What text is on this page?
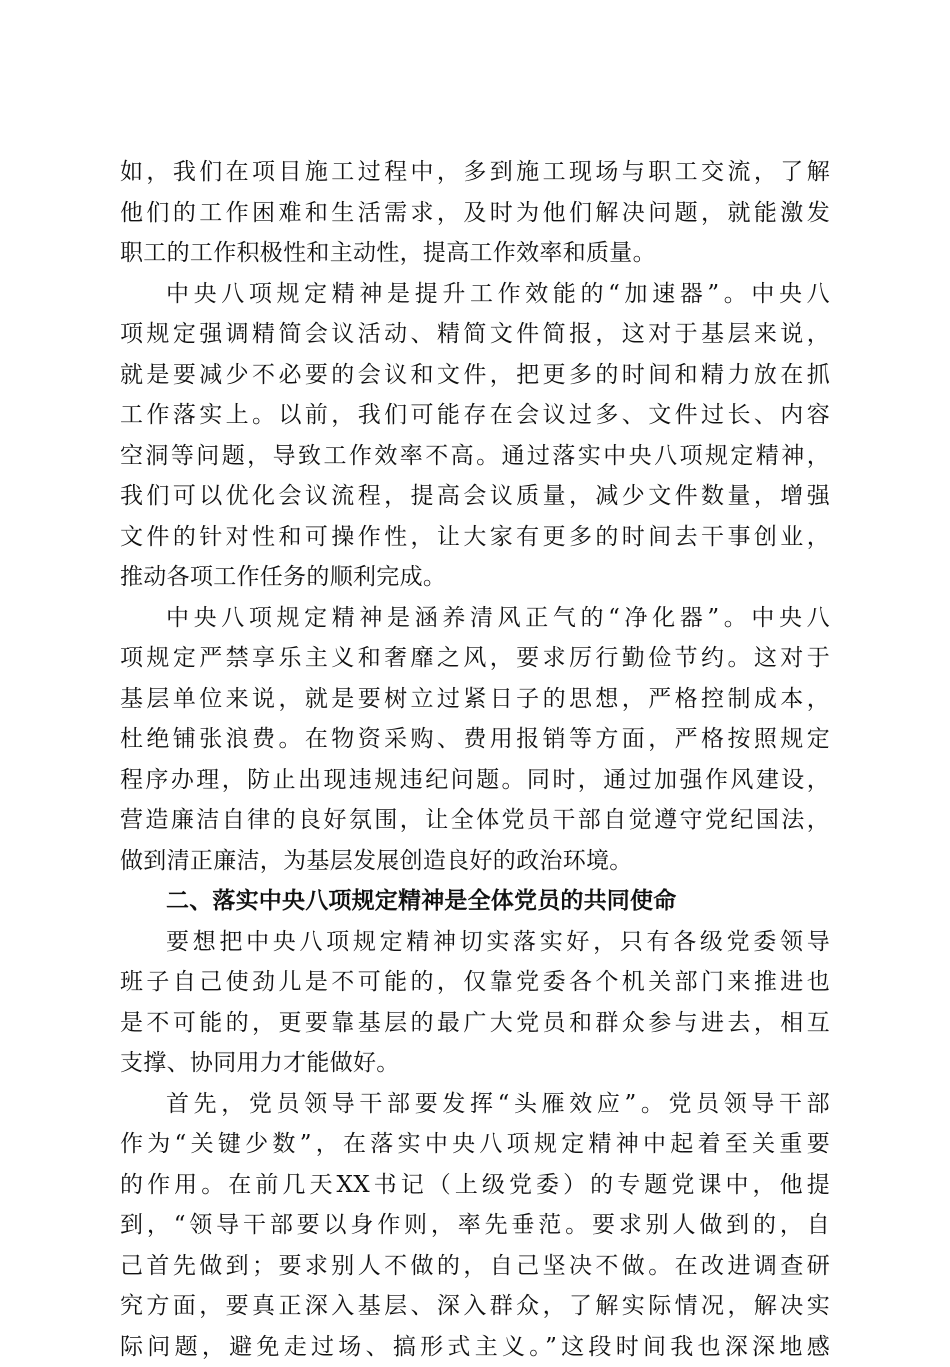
如，我们在项目施工过程中，多到施工现场与职工交流，了解
他们的工作困难和生活需求，及时为他们解决问题，就能激发
职工的工作积极性和主动性，提高工作效率和质量。
中央八项规定精神是提升工作效能的“加速器”。中央八
项规定强调精简会议活动、精简文件简报，这对于基层来说，
就是要减少不必要的会议和文件，把更多的时间和精力放在抓
工作落实上。以前，我们可能存在会议过多、文件过长、内容
空洞等问题，导致工作效率不高。通过落实中央八项规定精神，
我们可以优化会议流程，提高会议质量，减少文件数量，增强
文件的针对性和可操作性，让大家有更多的时间去干事创业，
推动各项工作任务的顺利完成。
中央八项规定精神是涵养清风正气的“净化器”。中央八
项规定严禁享乐主义和奢靡之风，要求厉行勤俭节约。这对于
基层单位来说，就是要树立过紧日子的思想，严格控制成本，
杜绝铺张浪费。在物资采购、费用报销等方面，严格按照规定
程序办理，防止出现违规违纪问题。同时，通过加强作风建设，
营造廉洁自律的良好氛围，让全体党员干部自觉遵守党纪国法，
做到清正廉洁，为基层发展创造良好的政治环境。
二、落实中央八项规定精神是全体党员的共同使命
要想把中央八项规定精神切实落实好，只有各级党委领导
班子自己使劲儿是不可能的，仅靠党委各个机关部门来推进也
是不可能的，更要靠基层的最广大党员和群众参与进去，相互
支撑、协同用力才能做好。
首先，党员领导干部要发挥“头雁效应”。党员领导干部
作为“关键少数”，在落实中央八项规定精神中起着至关重要
的作用。在前几天XX书记（上级党委）的专题党课中，他提
到，“领导干部要以身作则，率先垂范。要求别人做到的，自
己首先做到；要求别人不做的，自己坚决不做。在改进调查研
究方面，要真正深入基层、深入群众，了解实际情况，解决实
际问题，避免走过场、搞形式主义。”这段时间我也深深地感
